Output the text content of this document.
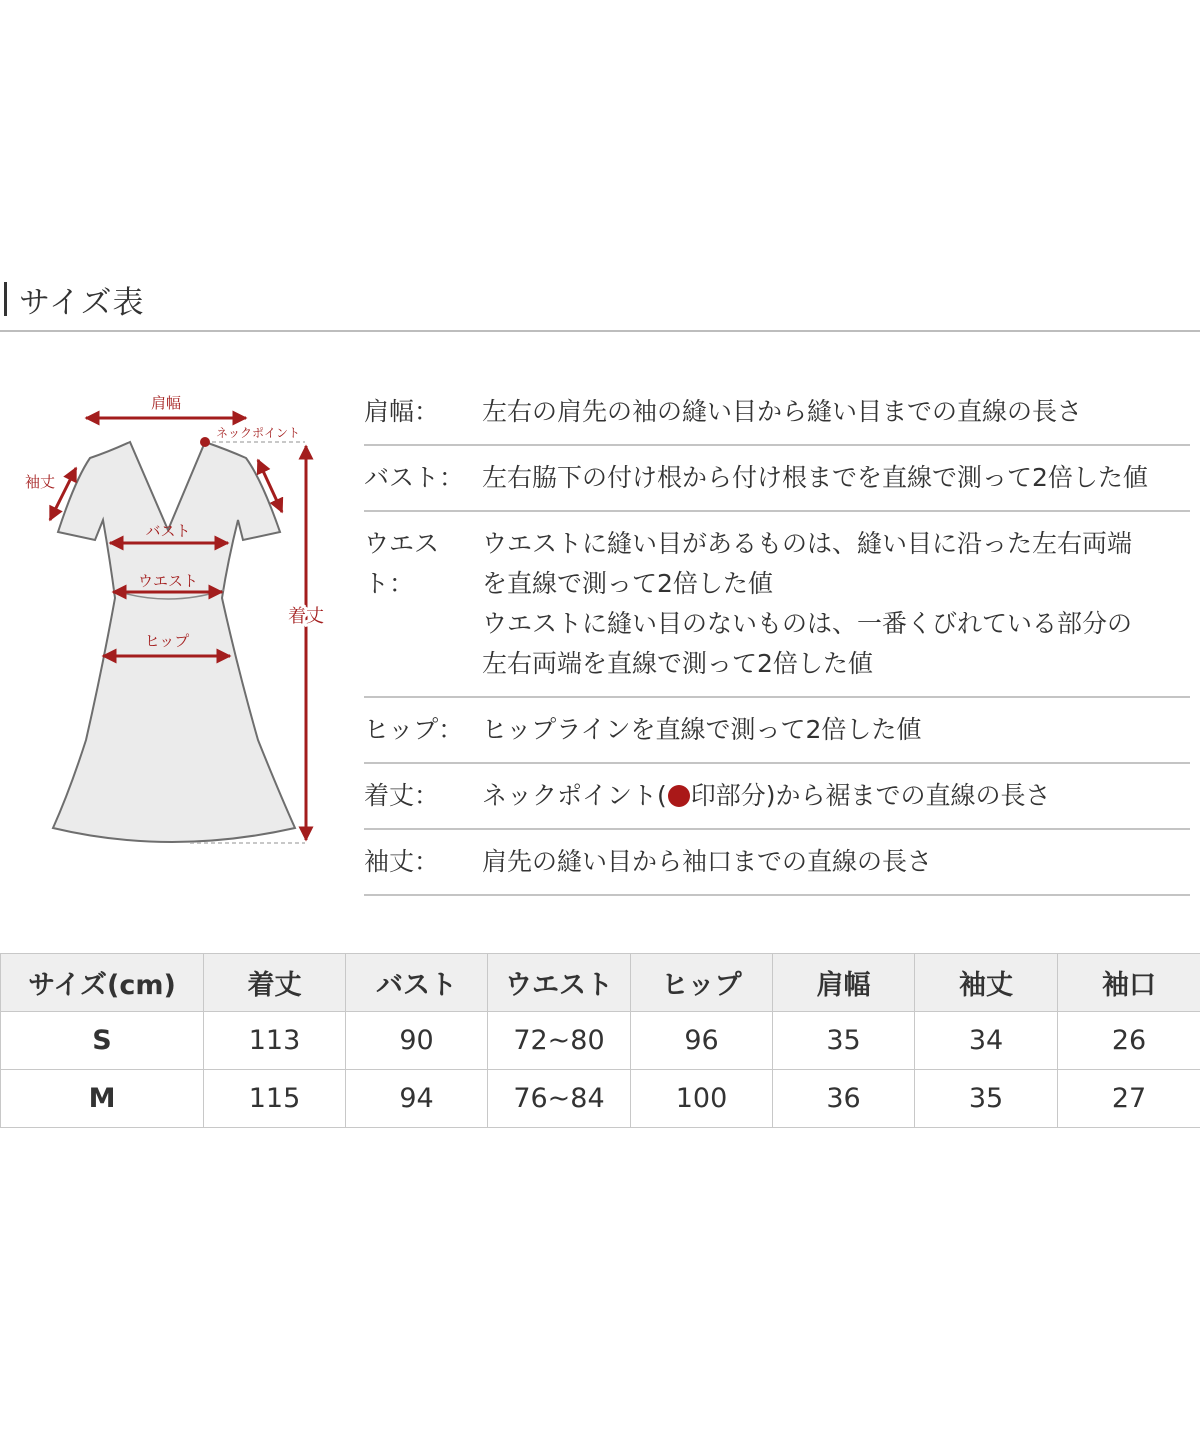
サイズ表
肩幅
ネックポイント
袖丈
バスト
ウエスト
ヒップ
着丈
肩幅：	左右の肩先の袖の縫い目から縫い目までの直線の長さ
バスト： 左右脇下の付け根から付け根までを直線で測って2倍した値
ウエスト：
ウエストに縫い目があるものは、縫い目に沿った左右両端
を直線で測って2倍した値
ウエストに縫い目のないものは、一番くびれている部分の
左右両端を直線で測って2倍した値
ヒップ： ヒップラインを直線で測って2倍した値
着丈：	ネックポイント( 印部分)から裾までの直線の長さ
袖丈：	肩先の縫い目から袖口までの直線の長さ
サイズ(cm)	着丈	バスト	ウエスト	ヒップ	肩幅	袖丈	袖口
S	113	90	72~80	96	35	34	26
M	115	94	76~84	100	36	35	27
